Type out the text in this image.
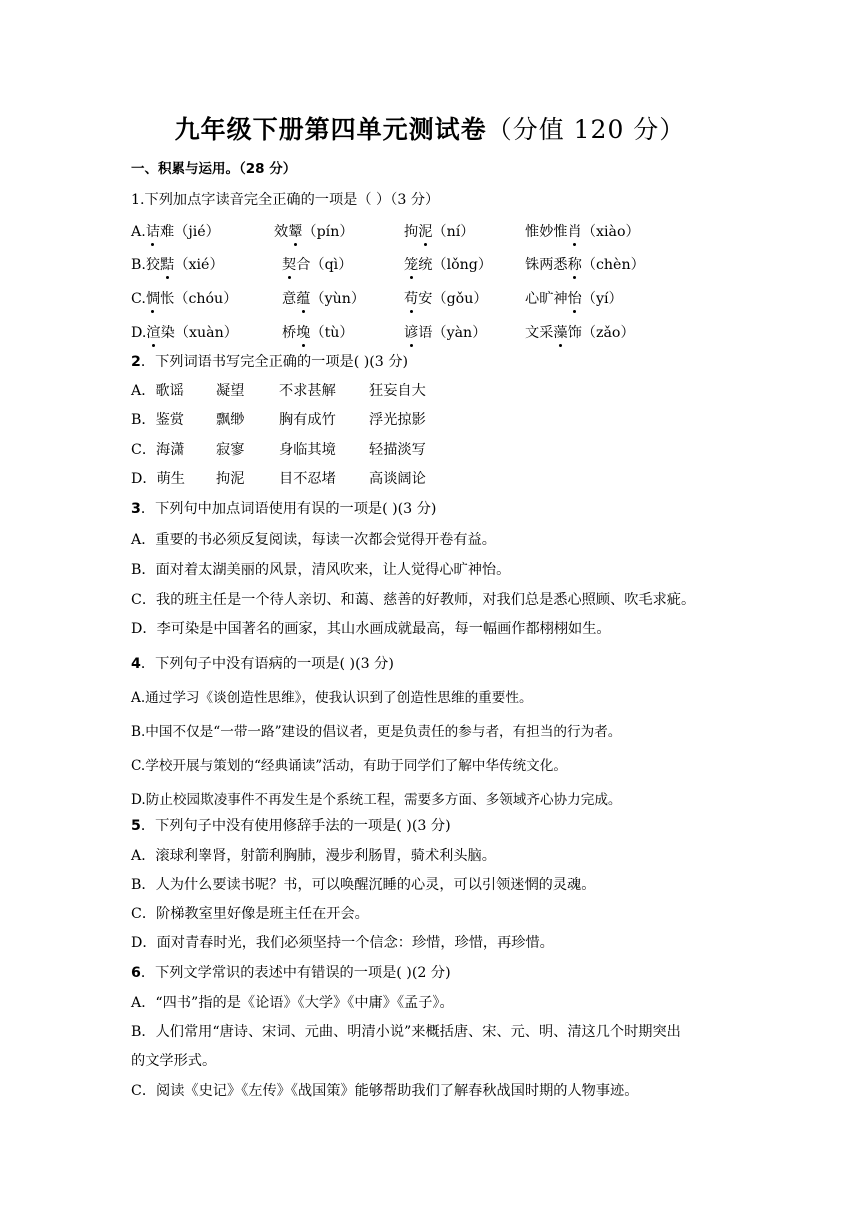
九年级下册第四单元测试卷（分值 120 分）
一、积累与运用。（28 分）
1.下列加点字读音完全正确的一项是（ ）（3 分）
A.诘难（jié）	效颦（pín）	拘泥（ní）	惟妙惟肖（xiào）
B.狡黠（xié）	契合（qì）	笼统（lǒng） 铢两悉称（chèn）
C.惆怅（chóu）	意蕴（yùn）	苟安（gǒu）	心旷神怡（yí）
D.渲染（xuàn）	桥堍（tù）	谚语（yàn）	文采藻饰（zǎo）
2．下列词语书写完全正确的一项是( )(3 分)
A．歌谣 凝望 不求甚解 狂妄自大
B．鉴赏 飘缈 胸有成竹 浮光掠影
C．海潇 寂寥 身临其境 轻描淡写
D．萌生 拘泥 目不忍堵 高谈阔论
3．下列句中加点词语使用有误的一项是( )(3 分)
A．重要的书必须反复阅读，每读一次都会觉得开卷有益。
B．面对着太湖美丽的风景，清风吹来，让人觉得心旷神怡。
C．我的班主任是一个待人亲切、和蔼、慈善的好教师，对我们总是悉心照顾、吹毛求疵。
D．李可染是中国著名的画家，其山水画成就最高，每一幅画作都栩栩如生。
4．下列句子中没有语病的一项是( )(3 分)
A.通过学习《谈创造性思维》，使我认识到了创造性思维的重要性。
B.中国不仅是“一带一路”建设的倡议者，更是负责任的参与者，有担当的行为者。
C.学校开展与策划的“经典诵读”活动，有助于同学们了解中华传统文化。
D.防止校园欺凌事件不再发生是个系统工程，需要多方面、多领域齐心协力完成。
5．下列句子中没有使用修辞手法的一项是( )(3 分)
A．滚球利睾肾，射箭利胸肺，漫步利肠胃，骑术利头脑。
B．人为什么要读书呢？书，可以唤醒沉睡的心灵，可以引领迷惘的灵魂。
C．阶梯教室里好像是班主任在开会。
D．面对青春时光，我们必须坚持一个信念：珍惜，珍惜，再珍惜。
6．下列文学常识的表述中有错误的一项是( )(2 分)
A．“四书”指的是《论语》《大学》《中庸》《孟子》。
B．人们常用“唐诗、宋词、元曲、明清小说”来概括唐、宋、元、明、清这几个时期突出
的文学形式。
C．阅读《史记》《左传》《战国策》能够帮助我们了解春秋战国时期的人物事迹。
